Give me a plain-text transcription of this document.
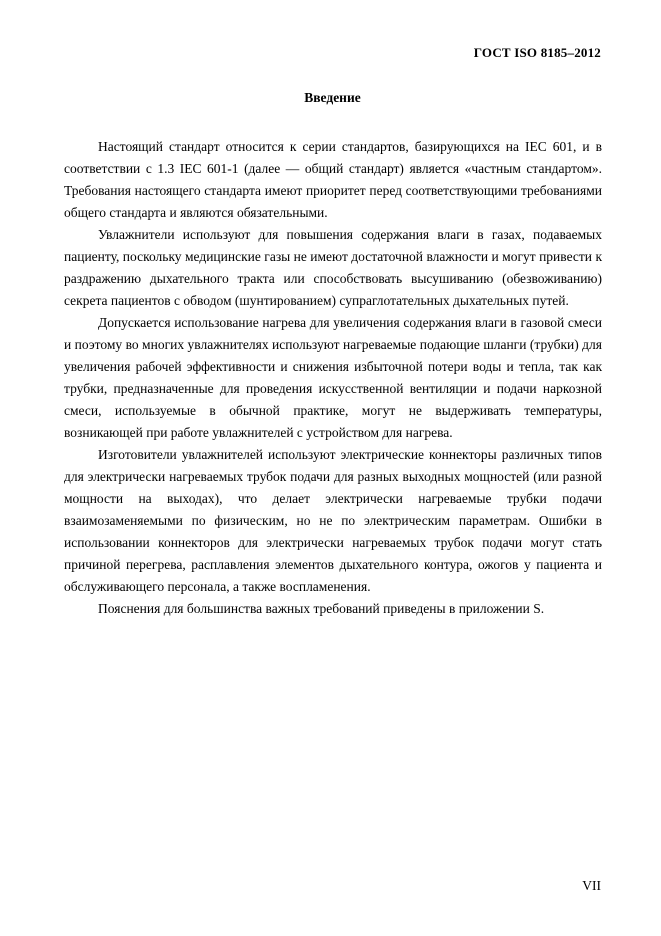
ГОСТ ISO 8185–2012
Введение

Настоящий стандарт относится к серии стандартов, базирующихся на IEC 601, и в соответствии с 1.3 IEC 601-1 (далее — общий стандарт) является «частным стандартом». Требования настоящего стандарта имеют приоритет перед соответствующими требованиями общего стандарта и являются обязательными.

Увлажнители используют для повышения содержания влаги в газах, подаваемых пациенту, поскольку медицинские газы не имеют достаточной влажности и могут привести к раздражению дыхательного тракта или способствовать высушиванию (обезвоживанию) секрета пациентов с обводом (шунтированием) супраглотательных дыхательных путей.

Допускается использование нагрева для увеличения содержания влаги в газовой смеси и поэтому во многих увлажнителях используют нагреваемые подающие шланги (трубки) для увеличения рабочей эффективности и снижения избыточной потери воды и тепла, так как трубки, предназначенные для проведения искусственной вентиляции и подачи наркозной смеси, используемые в обычной практике, могут не выдерживать температуры, возникающей при работе увлажнителей с устройством для нагрева.

Изготовители увлажнителей используют электрические коннекторы различных типов для электрически нагреваемых трубок подачи для разных выходных мощностей (или разной мощности на выходах), что делает электрически нагреваемые трубки подачи взаимозаменяемыми по физическим, но не по электрическим параметрам. Ошибки в использовании коннекторов для электрически нагреваемых трубок подачи могут стать причиной перегрева, расплавления элементов дыхательного контура, ожогов у пациента и обслуживающего персонала, а также воспламенения.

Пояснения для большинства важных требований приведены в приложении S.

VII
